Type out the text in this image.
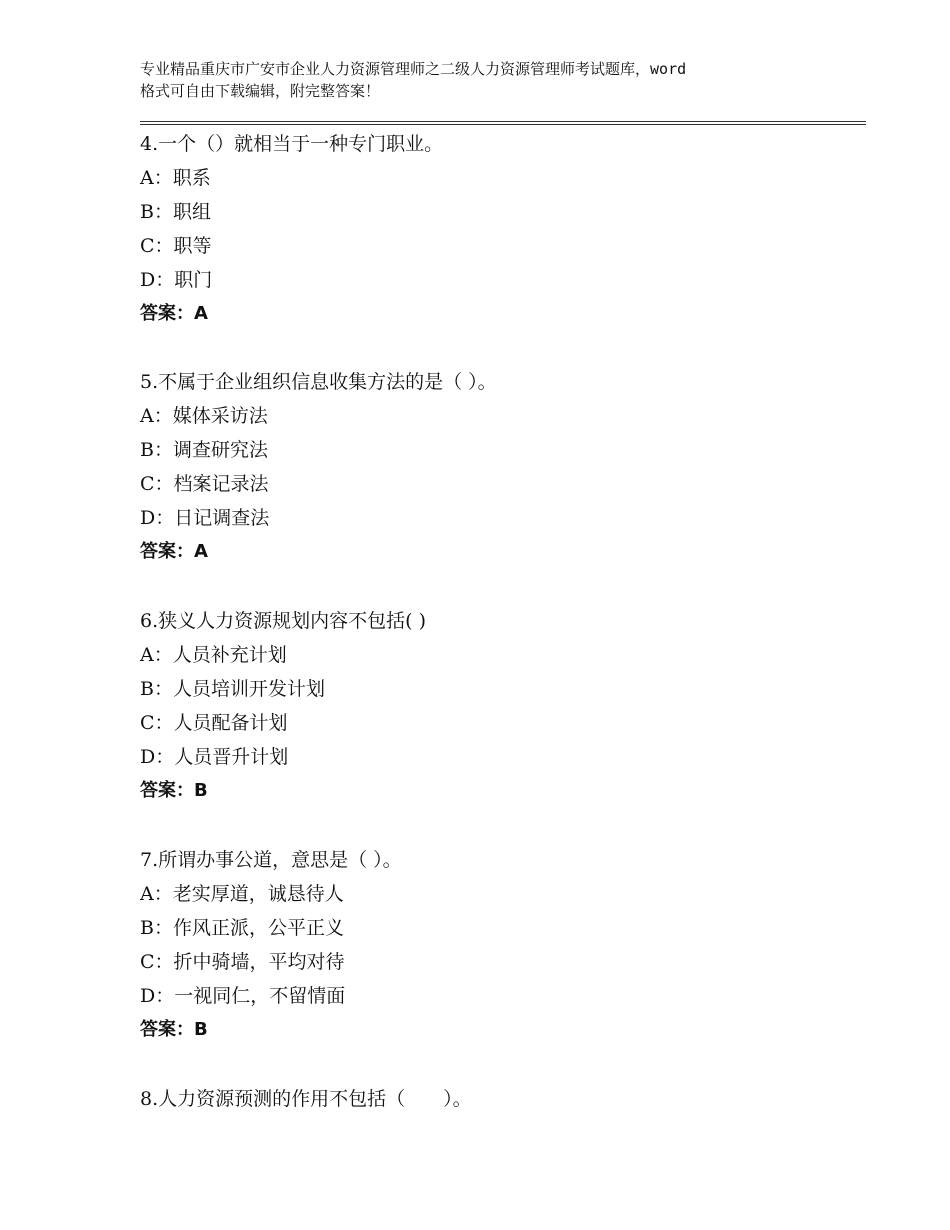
专业精品重庆市广安市企业人力资源管理师之二级人力资源管理师考试题库，word
格式可自由下载编辑，附完整答案！
4.一个（）就相当于一种专门职业。
A：职系
B：职组
C：职等
D：职门
答案：A
5.不属于企业组织信息收集方法的是（ ）。
A：媒体采访法
B：调查研究法
C：档案记录法
D：日记调查法
答案：A
6.狭义人力资源规划内容不包括( )
A：人员补充计划
B：人员培训开发计划
C：人员配备计划
D：人员晋升计划
答案：B
7.所谓办事公道，意思是（ ）。
A：老实厚道，诚恳待人
B：作风正派，公平正义
C：折中骑墙，平均对待
D：一视同仁，不留情面
答案：B
8.人力资源预测的作用不包括（　　）。
